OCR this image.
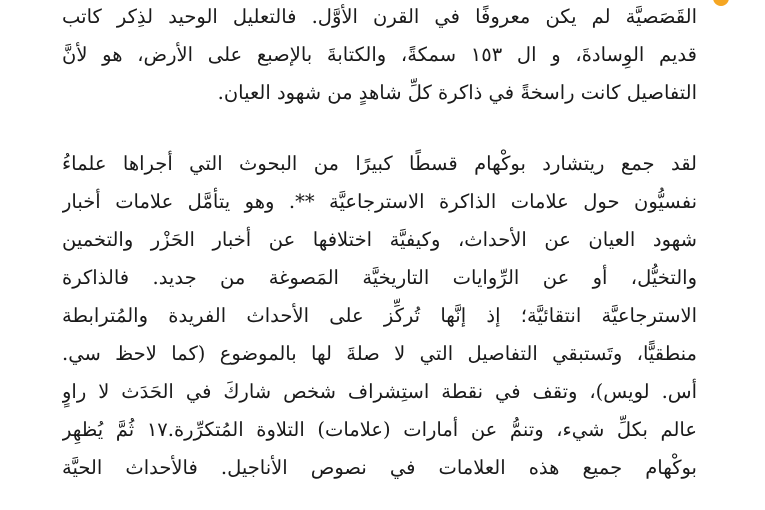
القَصَصيَّة لم يكن معروفًا في القرن الأوَّل. فالتعليل الوحيد لذِكر كاتب
قديم الوِسادةَ، و ال ١٥٣ سمكةً، والكتابةَ بالإصبع على الأرض، هو لأنَّ
التفاصيل كانت راسخةً في ذاكرة كلِّ شاهدٍ من شهود العيان.
لقد جمع ريتشارد بوكْهام قسطًا كبيرًا من البحوث التي أجراها علماءُ
نفسيُّون حول علامات الذاكرة الاسترجاعيَّة **. وهو يتأمَّل علامات أخبار
شهود العيان عن الأحداث، وكيفيَّة اختلافها عن أخبار الحَزْر والتخمين
والتخيُّل، أو عن الرِّوايات التاريخيَّة المَصوغة من جديد. فالذاكرة
الاسترجاعيَّة انتقائيَّة؛ إذ إنَّها تُركِّز على الأحداث الفريدة والمُترابطة
منطقيًّا، وتَستبقي التفاصيل التي لا صلةَ لها بالموضوع (كما لاحظ سي.
أس. لويس)، وتقف في نقطة استِشراف شخص شاركَ في الحَدَث لا راوٍ
عالم بكلِّ شيء، وتنمُّ عن أمارات (علامات) التلاوة المُتكرِّرة.١٧ ثُمَّ يُظهِر
بوكْهام جميع هذه العلامات في نصوص الأناجيل. فالأحداث الحيَّة
